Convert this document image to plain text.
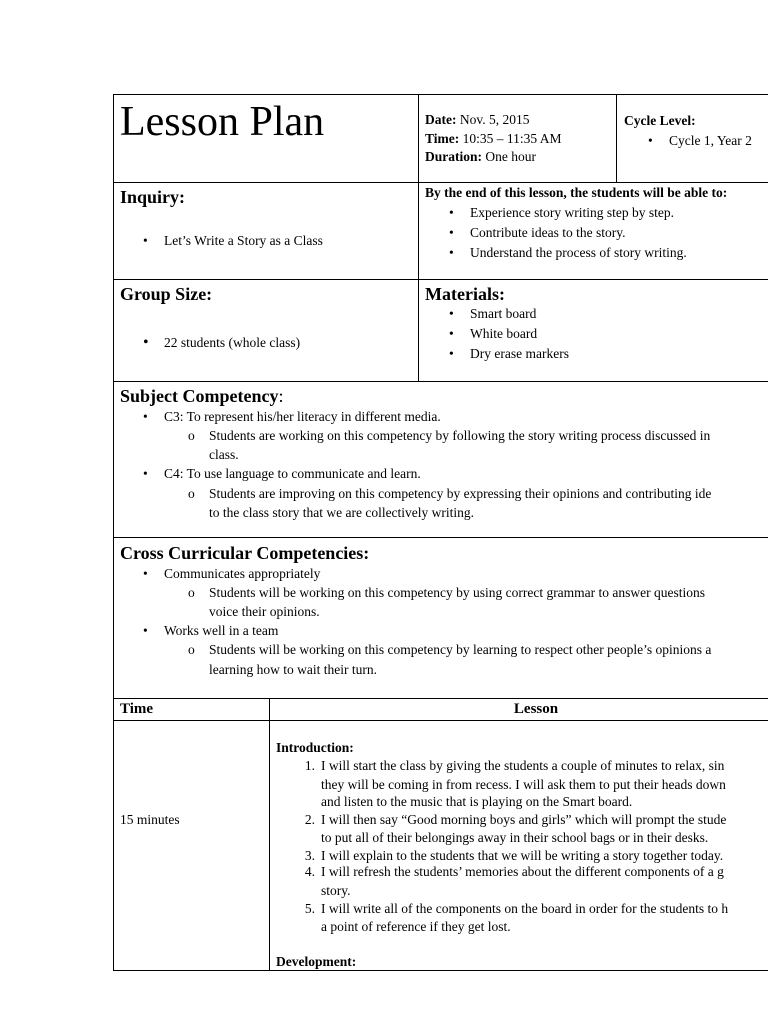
Lesson Plan	Date: Nov. 5, 2015
Time: 10:35 – 11:35 AM
Duration: One hour
Cycle Level:
• Cycle 1, Year 2
Inquiry:
• Let’s Write a Story as a Class
By the end of this lesson, the students will be able to:
• Experience story writing step by step.
• Contribute ideas to the story.
• Understand the process of story writing.
Group Size:
• 22 students (whole class)
Materials:
• Smart board
• White board
• Dry erase markers
Subject Competency:
• C3: To represent his/her literacy in different media.
o Students are working on this competency by following the story writing process discussed in
class.
• C4: To use language to communicate and learn.
o Students are improving on this competency by expressing their opinions and contributing ide
to the class story that we are collectively writing.
Cross Curricular Competencies:
• Communicates appropriately
o Students will be working on this competency by using correct grammar to answer questions
voice their opinions.
• Works well in a team
o Students will be working on this competency by learning to respect other people’s opinions a
learning how to wait their turn.
Time	Lesson
15 minutes
Introduction:
1. I will start the class by giving the students a couple of minutes to relax, sin
they will be coming in from recess. I will ask them to put their heads down
and listen to the music that is playing on the Smart board.
2. I will then say “Good morning boys and girls” which will prompt the stude
to put all of their belongings away in their school bags or in their desks.
3. I will explain to the students that we will be writing a story together today.
4. I will refresh the students’ memories about the different components of a g
story.
5. I will write all of the components on the board in order for the students to h
a point of reference if they get lost.
Development:
